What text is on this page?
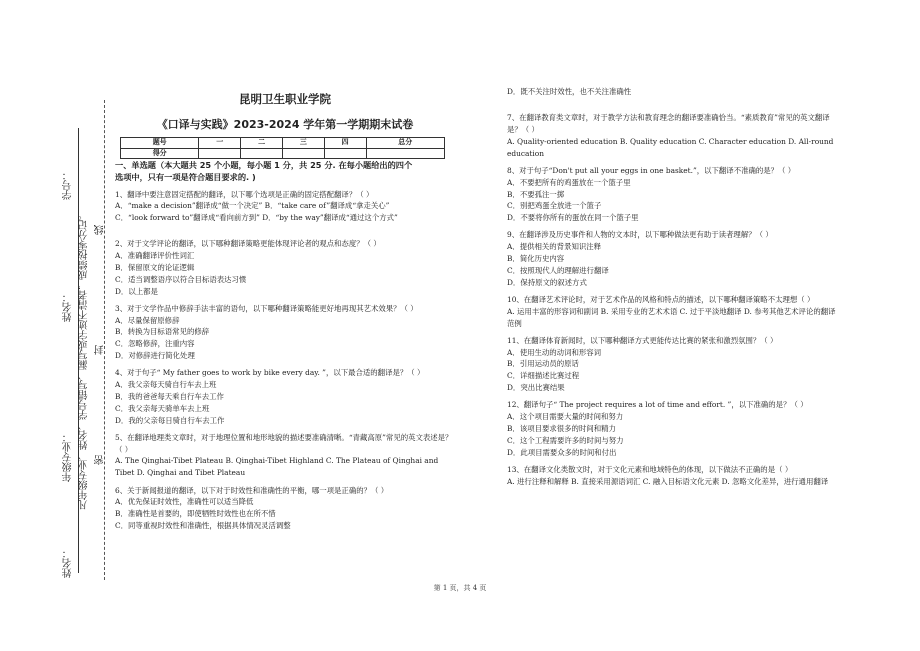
学号：
姓名：
年级专业：
姓名：
凡年级专业、姓名、学号错写、漏写或字迹不清者，成绩按零分记。 封
线
密
昆明卫生职业学院
《口译与实践》2023-2024 学年第一学期期末试卷
题号	一	二	三	四	总分
得分					
一、单选题（本大题共 25 个小题，每小题 1 分，共 25 分. 在每小题给出的四个
选项中，只有一项是符合题目要求的. )
1、翻译中要注意固定搭配的翻译，以下哪个选项是正确的固定搭配翻译？（ ）
A．“make a decision”翻译成“做一个决定” B．“take care of”翻译成“拿走关心”
C．“look forward to”翻译成“看向前方到” D．“by the way”翻译成“通过这个方式”
2、对于文学评论的翻译，以下哪种翻译策略更能体现评论者的观点和态度？（ ）
A．准确翻译评价性词汇
B．保留原文的论证逻辑
C．适当调整语序以符合目标语表达习惯
D．以上都是
3、对于文学作品中修辞手法丰富的语句，以下哪种翻译策略能更好地再现其艺术效果？（ ）
A．尽量保留原修辞
B．转换为目标语常见的修辞
C．忽略修辞，注重内容
D．对修辞进行简化处理
4、对于句子“ My father goes to work by bike every day. ”，以下最合适的翻译是？（ ）
A．我父亲每天骑自行车去上班
B．我的爸爸每天乘自行车去工作
C．我父亲每天骑单车去上班
D．我的父亲每日骑自行车去工作
5、在翻译地理类文章时，对于地理位置和地形地貌的描述要准确清晰。“青藏高原”常见的英文表述是？（ ）
A. The Qinghai-Tibet Plateau B. Qinghai-Tibet Highland C. The Plateau of Qinghai and Tibet D. Qinghai and Tibet Plateau
6、关于新闻报道的翻译，以下对于时效性和准确性的平衡，哪一项是正确的？（ ）
A．优先保证时效性，准确性可以适当降低
B．准确性是首要的，即使牺牲时效性也在所不惜
C．同等重视时效性和准确性，根据具体情况灵活调整
D．既不关注时效性，也不关注准确性
7、在翻译教育类文章时，对于教学方法和教育理念的翻译要准确恰当。“素质教育”常见的英文翻译是？（ ）
A. Quality-oriented education B. Quality education C. Character education D. All-round education
8、对于句子“Don't put all your eggs in one basket.”，以下翻译不准确的是？（ ）
A．不要把所有的鸡蛋放在一个篮子里
B．不要孤注一掷
C．别把鸡蛋全放进一个篮子
D．不要将你所有的蛋放在同一个篮子里
9、在翻译涉及历史事件和人物的文本时，以下哪种做法更有助于读者理解？（ ）
A．提供相关的背景知识注释
B．简化历史内容
C．按照现代人的理解进行翻译
D．保持原文的叙述方式
10、在翻译艺术评论时，对于艺术作品的风格和特点的描述，以下哪种翻译策略不太理想（ ）
A. 运用丰富的形容词和副词 B. 采用专业的艺术术语 C. 过于平淡地翻译 D. 参考其他艺术评论的翻译范例
11、在翻译体育新闻时，以下哪种翻译方式更能传达比赛的紧张和激烈氛围？（ ）
A．使用生动的动词和形容词
B．引用运动员的原话
C．详细描述比赛过程
D．突出比赛结果
12、翻译句子“ The project requires a lot of time and effort. ”，以下准确的是？（ ）
A．这个项目需要大量的时间和努力
B．该项目要求很多的时间和精力
C．这个工程需要许多的时间与努力
D．此项目需要众多的时间和付出
13、在翻译文化类散文时，对于文化元素和地域特色的体现，以下做法不正确的是（ ）
A. 进行注释和解释 B. 直接采用源语词汇 C. 融入目标语文化元素 D. 忽略文化差异，进行通用翻译
第 1 页，共 4 页
